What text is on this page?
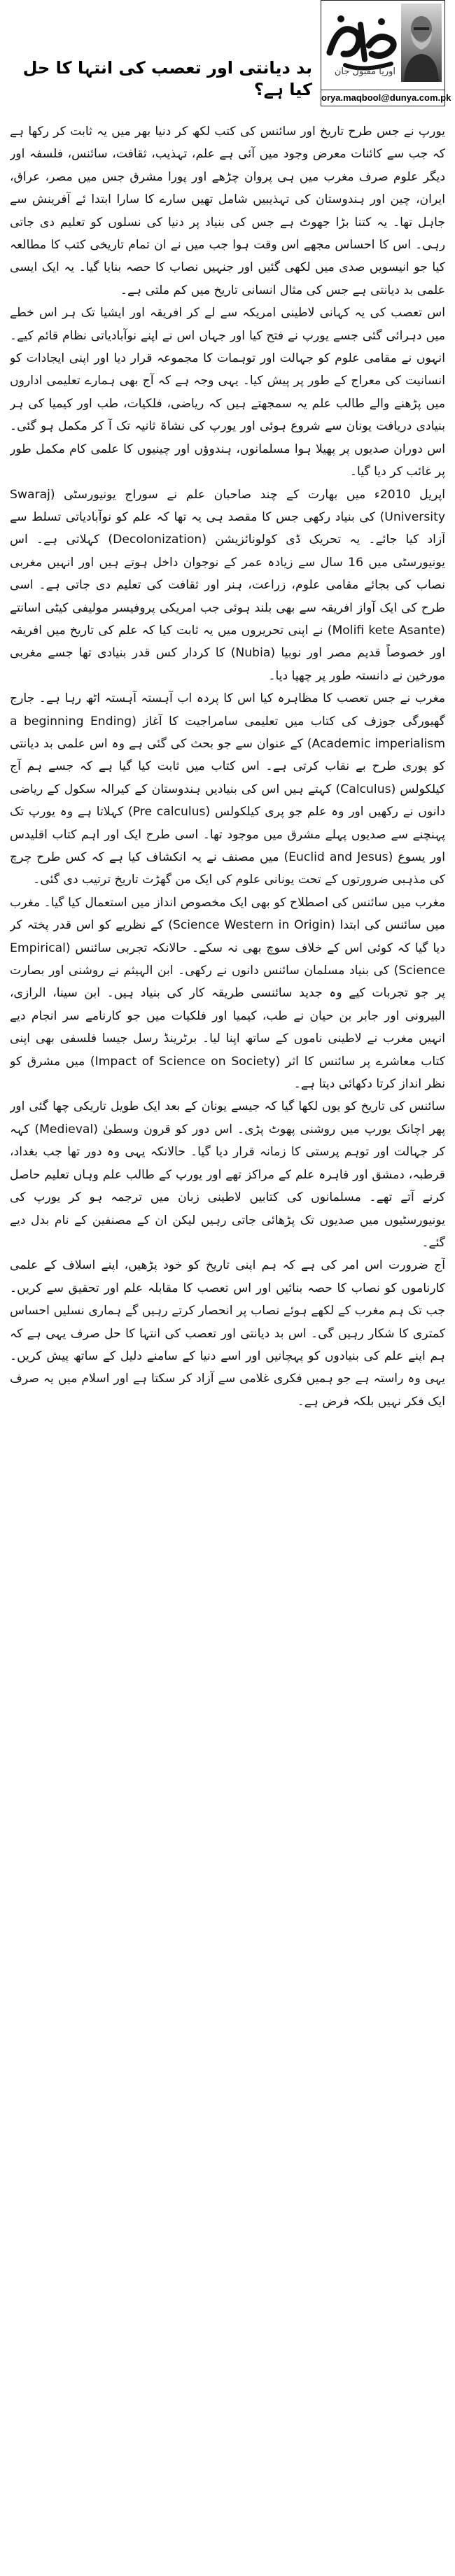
بد دیانتی اور تعصب کی انتہا کا حل کیا ہے؟
اوریا مقبول جان
orya.maqbool@dunya.com.pk

یورپ نے جس طرح تاریخ اور سائنس کی کتب لکھ کر دنیا بھر میں یہ ثابت کر رکھا ہے کہ جب سے کائنات معرض وجود میں آئی ہے علم، تہذیب، ثقافت، سائنس، فلسفہ اور دیگر علوم صرف مغرب میں ہی پروان چڑھے اور پورا مشرق جس میں مصر، عراق، ایران، چین اور ہندوستان کی تہذیبیں شامل تھیں سارے کا سارا ابتدا ئے آفرینش سے جاہل تھا۔ یہ کتنا بڑا جھوٹ ہے جس کی بنیاد پر دنیا کی نسلوں کو تعلیم دی جاتی رہی۔ اس کا احساس مجھے اس وقت ہوا جب میں نے ان تمام تاریخی کتب کا مطالعہ کیا جو انیسویں صدی میں لکھی گئیں اور جنہیں نصاب کا حصہ بنایا گیا۔ یہ ایک ایسی علمی بد دیانتی ہے جس کی مثال انسانی تاریخ میں کم ملتی ہے۔

اس تعصب کی یہ کہانی لاطینی امریکہ سے لے کر افریقہ اور ایشیا تک ہر اس خطے میں دہرائی گئی جسے یورپ نے فتح کیا اور جہاں اس نے اپنے نوآبادیاتی نظام قائم کیے۔ انہوں نے مقامی علوم کو جہالت اور توہمات کا مجموعہ قرار دیا اور اپنی ایجادات کو انسانیت کی معراج کے طور پر پیش کیا۔ یہی وجہ ہے کہ آج بھی ہمارے تعلیمی اداروں میں پڑھنے والے طالب علم یہ سمجھتے ہیں کہ ریاضی، فلکیات، طب اور کیمیا کی ہر بنیادی دریافت یونان سے شروع ہوئی اور یورپ کی نشاۃ ثانیہ تک آ کر مکمل ہو گئی۔ اس دوران صدیوں پر پھیلا ہوا مسلمانوں، ہندوؤں اور چینیوں کا علمی کام مکمل طور پر غائب کر دیا گیا۔

اپریل 2010ء میں بھارت کے چند صاحبان علم نے سوراج یونیورسٹی (Swaraj University) کی بنیاد رکھی جس کا مقصد ہی یہ تھا کہ علم کو نوآبادیاتی تسلط سے آزاد کیا جائے۔ یہ تحریک ڈی کولونائزیشن (Decolonization) کہلاتی ہے۔ اس یونیورسٹی میں 16 سال سے زیادہ عمر کے نوجوان داخل ہوتے ہیں اور انہیں مغربی نصاب کی بجائے مقامی علوم، زراعت، ہنر اور ثقافت کی تعلیم دی جاتی ہے۔ اسی طرح کی ایک آواز افریقہ سے بھی بلند ہوئی جب امریکی پروفیسر مولیفی کیٹی اسانتے (Molifi kete Asante) نے اپنی تحریروں میں یہ ثابت کیا کہ علم کی تاریخ میں افریقہ اور خصوصاً قدیم مصر اور نوبیا (Nubia) کا کردار کس قدر بنیادی تھا جسے مغربی مورخین نے دانستہ طور پر چھپا دیا۔

مغرب نے جس تعصب کا مظاہرہ کیا اس کا پردہ اب آہستہ آہستہ اٹھ رہا ہے۔ جارج گھیورگی جوزف کی کتاب میں تعلیمی سامراجیت کا آغاز (a beginning Ending Academic imperialism) کے عنوان سے جو بحث کی گئی ہے وہ اس علمی بد دیانتی کو پوری طرح بے نقاب کرتی ہے۔ اس کتاب میں ثابت کیا گیا ہے کہ جسے ہم آج کیلکولس (Calculus) کہتے ہیں اس کی بنیادیں ہندوستان کے کیرالہ سکول کے ریاضی دانوں نے رکھیں اور وہ علم جو پری کیلکولس (Pre calculus) کہلاتا ہے وہ یورپ تک پہنچنے سے صدیوں پہلے مشرق میں موجود تھا۔ اسی طرح ایک اور اہم کتاب اقلیدس اور یسوع (Euclid and Jesus) میں مصنف نے یہ انکشاف کیا ہے کہ کس طرح چرچ کی مذہبی ضرورتوں کے تحت یونانی علوم کی ایک من گھڑت تاریخ ترتیب دی گئی۔

مغرب میں سائنس کی اصطلاح کو بھی ایک مخصوص انداز میں استعمال کیا گیا۔ مغرب میں سائنس کی ابتدا (Science Western in Origin) کے نظریے کو اس قدر پختہ کر دیا گیا کہ کوئی اس کے خلاف سوچ بھی نہ سکے۔ حالانکہ تجربی سائنس (Empirical Science) کی بنیاد مسلمان سائنس دانوں نے رکھی۔ ابن الہیثم نے روشنی اور بصارت پر جو تجربات کیے وہ جدید سائنسی طریقہ کار کی بنیاد ہیں۔ ابن سینا، الرازی، البیرونی اور جابر بن حیان نے طب، کیمیا اور فلکیات میں جو کارنامے سر انجام دیے انہیں مغرب نے لاطینی ناموں کے ساتھ اپنا لیا۔ برٹرینڈ رسل جیسا فلسفی بھی اپنی کتاب معاشرے پر سائنس کا اثر (Impact of Science on Society) میں مشرق کو نظر انداز کرتا دکھائی دیتا ہے۔

سائنس کی تاریخ کو یوں لکھا گیا کہ جیسے یونان کے بعد ایک طویل تاریکی چھا گئی اور پھر اچانک یورپ میں روشنی پھوٹ پڑی۔ اس دور کو قرون وسطیٰ (Medieval) کہہ کر جہالت اور توہم پرستی کا زمانہ قرار دیا گیا۔ حالانکہ یہی وہ دور تھا جب بغداد، قرطبہ، دمشق اور قاہرہ علم کے مراکز تھے اور یورپ کے طالب علم وہاں تعلیم حاصل کرنے آتے تھے۔ مسلمانوں کی کتابیں لاطینی زبان میں ترجمہ ہو کر یورپ کی یونیورسٹیوں میں صدیوں تک پڑھائی جاتی رہیں لیکن ان کے مصنفین کے نام بدل دیے گئے۔

آج ضرورت اس امر کی ہے کہ ہم اپنی تاریخ کو خود پڑھیں، اپنے اسلاف کے علمی کارناموں کو نصاب کا حصہ بنائیں اور اس تعصب کا مقابلہ علم اور تحقیق سے کریں۔ جب تک ہم مغرب کے لکھے ہوئے نصاب پر انحصار کرتے رہیں گے ہماری نسلیں احساس کمتری کا شکار رہیں گی۔ اس بد دیانتی اور تعصب کی انتہا کا حل صرف یہی ہے کہ ہم اپنے علم کی بنیادوں کو پہچانیں اور اسے دنیا کے سامنے دلیل کے ساتھ پیش کریں۔ یہی وہ راستہ ہے جو ہمیں فکری غلامی سے آزاد کر سکتا ہے اور اسلام میں یہ صرف ایک فکر نہیں بلکہ فرض ہے۔
